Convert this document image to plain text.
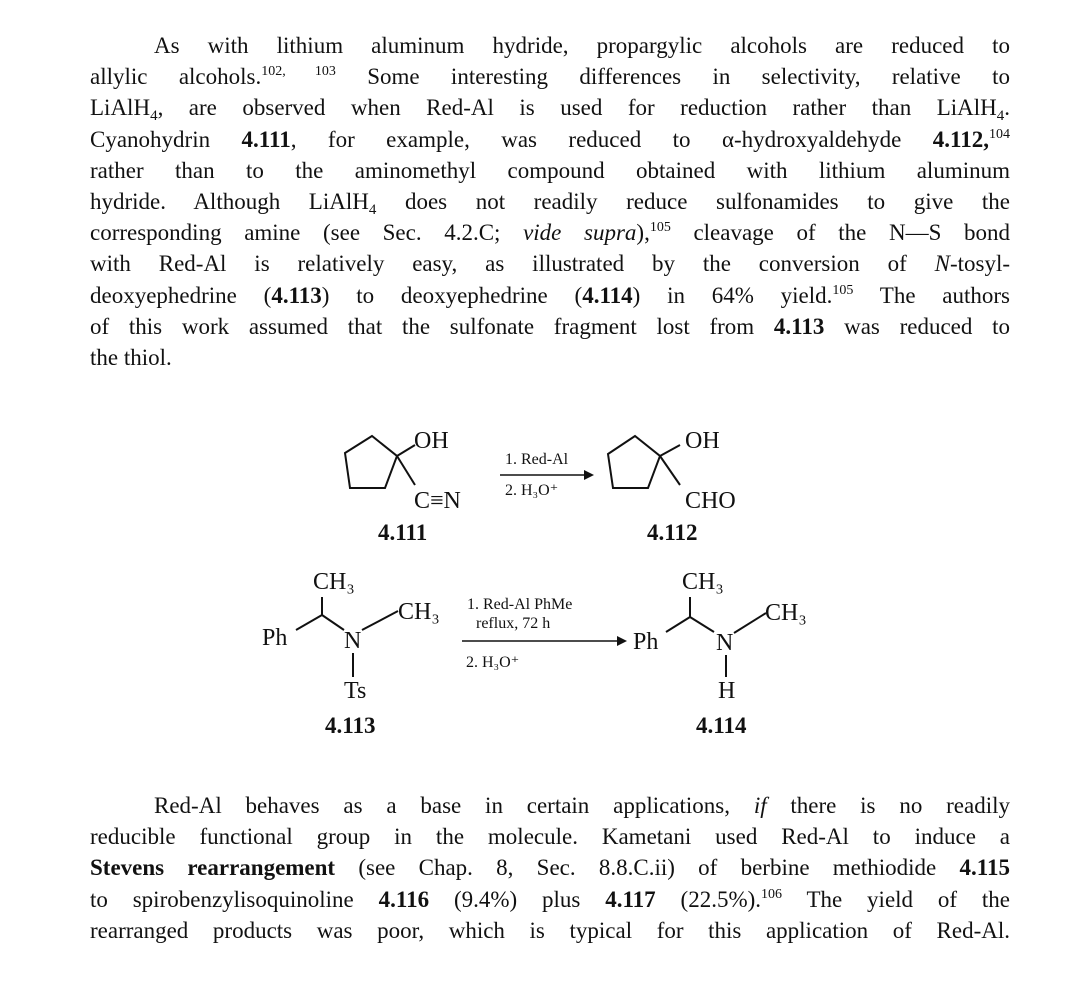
As with lithium aluminum hydride, propargylic alcohols are reduced to
allylic alcohols.$^{102, 103}$ Some interesting differences in selectivity, relative to
LiAlH$_4$, are observed when Red-Al is used for reduction rather than LiAlH$_4$.
Cyanohydrin 4.111, for example, was reduced to α-hydroxyaldehyde 4.112,$^{104}$
rather than to the aminomethyl compound obtained with lithium aluminum
hydride. Although LiAlH$_4$ does not readily reduce sulfonamides to give the
corresponding amine (see Sec. 4.2.C; vide supra),$^{105}$ cleavage of the N—S bond
with Red-Al is relatively easy, as illustrated by the conversion of N-tosyl-
deoxyephedrine (4.113) to deoxyephedrine (4.114) in 64% yield.$^{105}$ The authors
of this work assumed that the sulfonate fragment lost from 4.113 was reduced to
the thiol.
OH
C≡N
4.111
1. Red-Al
2. H₃O⁺
OH
CHO
4.112
CH₃
CH₃
Ph N
Ts
4.113
1. Red-Al PhMe
reflux, 72 h
2. H₃O⁺
CH₃
CH₃
Ph N
H
4.114
Red-Al behaves as a base in certain applications, if there is no readily
reducible functional group in the molecule. Kametani used Red-Al to induce a
Stevens rearrangement (see Chap. 8, Sec. 8.8.C.ii) of berbine methiodide 4.115
to spirobenzylisoquinoline 4.116 (9.4%) plus 4.117 (22.5%).$^{106}$ The yield of the
rearranged products was poor, which is typical for this application of Red-Al.
